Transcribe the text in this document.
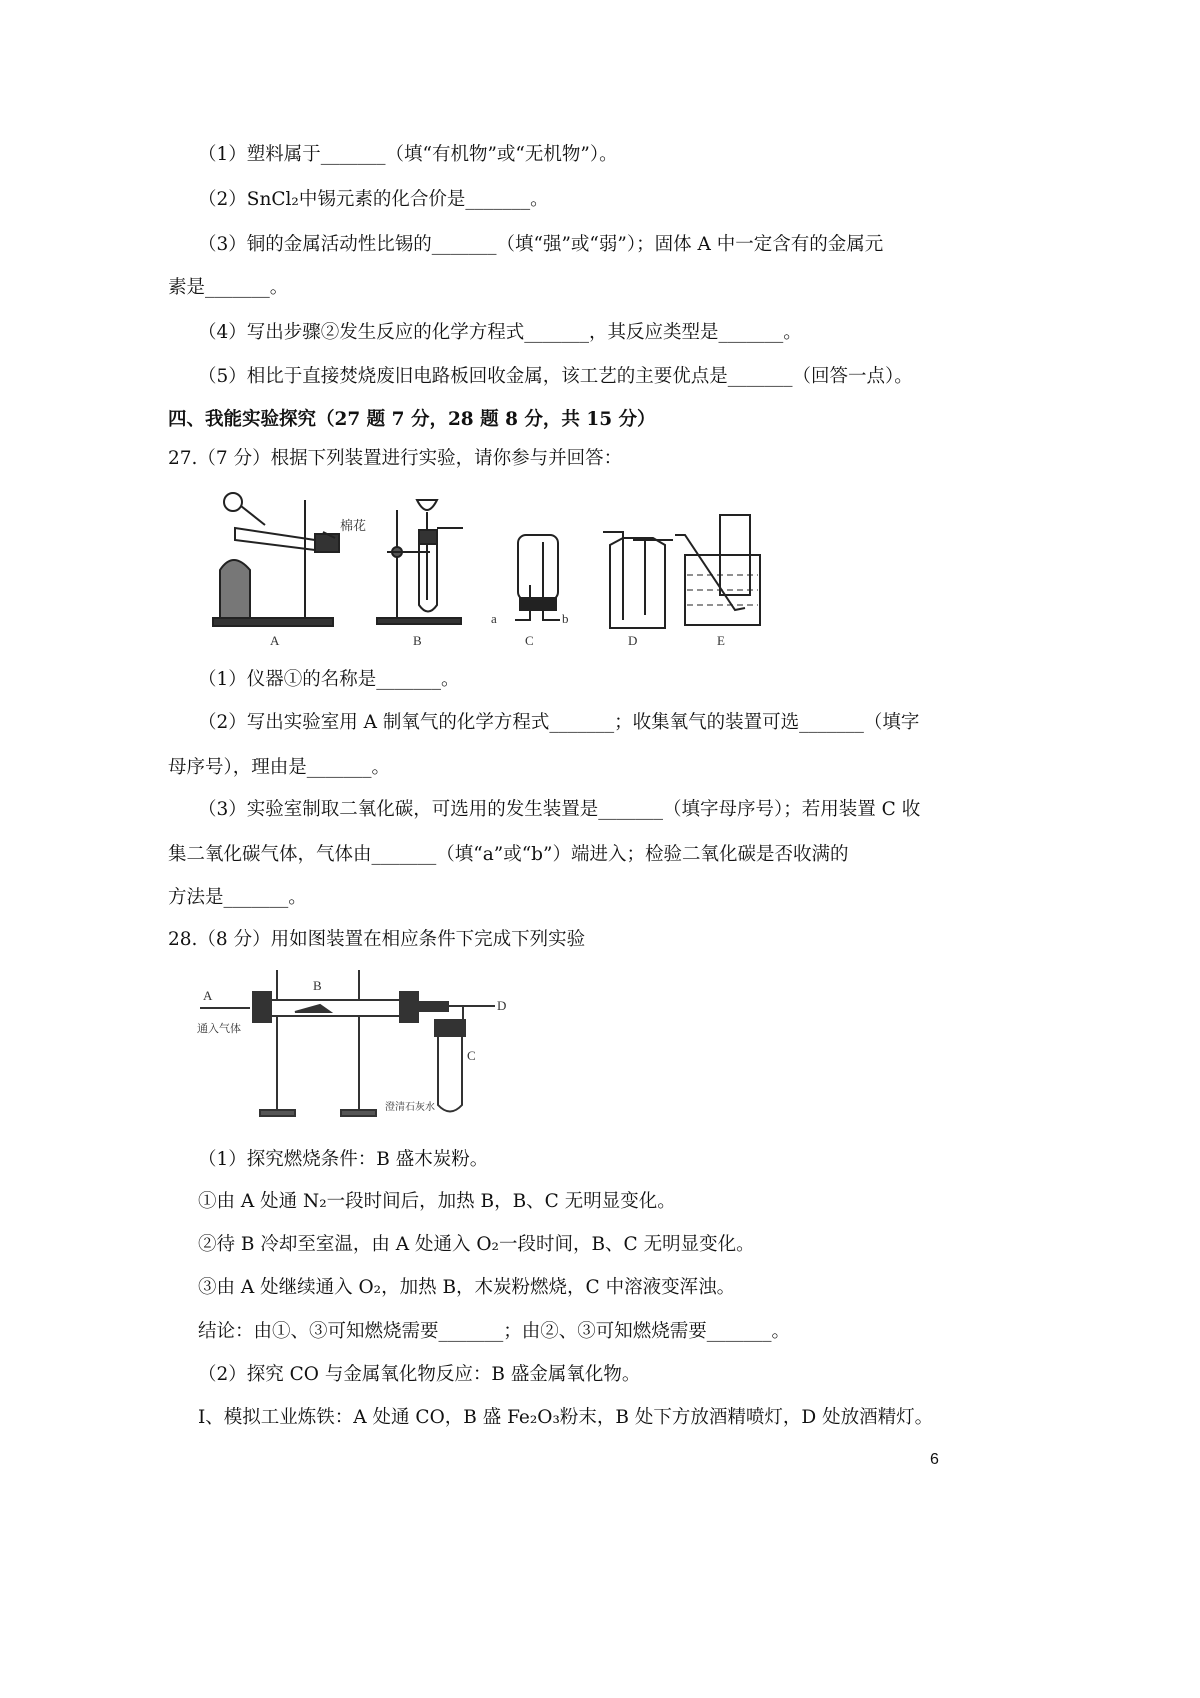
（1）塑料属于_______（填“有机物”或“无机物”）。
（2）SnCl₂中锡元素的化合价是_______。
（3）铜的金属活动性比锡的_______（填“强”或“弱”）；固体 A 中一定含有的金属元
素是_______。
（4）写出步骤②发生反应的化学方程式_______，其反应类型是_______。
（5）相比于直接焚烧废旧电路板回收金属，该工艺的主要优点是_______（回答一点）。
四、我能实验探究（27 题 7 分，28 题 8 分，共 15 分）
27.（7 分）根据下列装置进行实验，请你参与并回答：
棉花
A	B	C	D	E
a	b
（1）仪器①的名称是_______。
（2）写出实验室用 A 制氧气的化学方程式_______；收集氧气的装置可选_______（填字
母序号），理由是_______。
（3）实验室制取二氧化碳，可选用的发生装置是_______（填字母序号）；若用装置 C 收
集二氧化碳气体，气体由_______（填“a”或“b”）端进入；检验二氧化碳是否收满的
方法是_______。
28.（8 分）用如图装置在相应条件下完成下列实验
A
通入气体
B
C
D
澄清石灰水
（1）探究燃烧条件：B 盛木炭粉。
①由 A 处通 N₂一段时间后，加热 B，B、C 无明显变化。
②待 B 冷却至室温，由 A 处通入 O₂一段时间，B、C 无明显变化。
③由 A 处继续通入 O₂，加热 B，木炭粉燃烧，C 中溶液变浑浊。
结论：由①、③可知燃烧需要_______；由②、③可知燃烧需要_______。
（2）探究 CO 与金属氧化物反应：B 盛金属氧化物。
I、模拟工业炼铁：A 处通 CO，B 盛 Fe₂O₃粉末，B 处下方放酒精喷灯，D 处放酒精灯。
6
